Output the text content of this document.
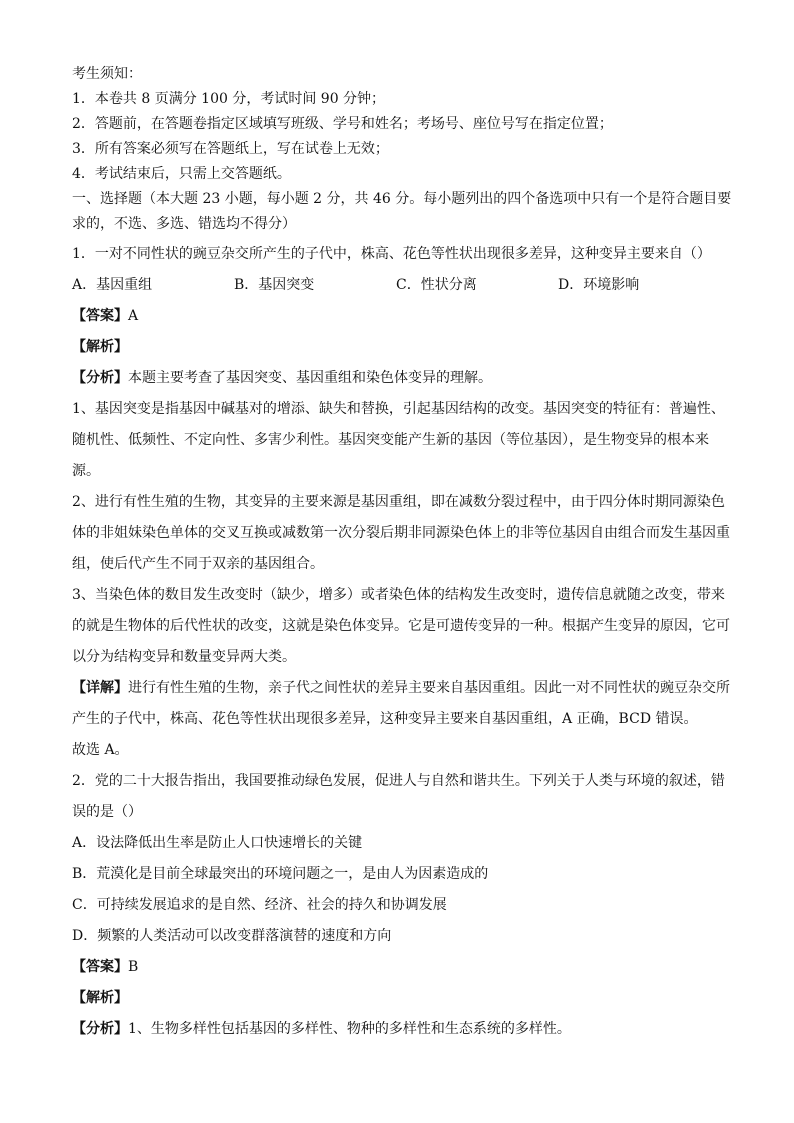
考生须知：
1．本卷共 8 页满分 100 分，考试时间 90 分钟；
2．答题前，在答题卷指定区域填写班级、学号和姓名；考场号、座位号写在指定位置；
3．所有答案必须写在答题纸上，写在试卷上无效；
4．考试结束后，只需上交答题纸。
一、选择题（本大题 23 小题，每小题 2 分，共 46 分。每小题列出的四个备选项中只有一个是符合题目要
求的，不选、多选、错选均不得分）
1．一对不同性状的豌豆杂交所产生的子代中，株高、花色等性状出现很多差异，这种变异主要来自（）
A．基因重组	B．基因突变	C．性状分离	D．环境影响
【答案】A
【解析】
【分析】本题主要考查了基因突变、基因重组和染色体变异的理解。

1、基因突变是指基因中碱基对的增添、缺失和替换，引起基因结构的改变。基因突变的特征有：普遍性、随机性、低频性、不定向性、多害少利性。基因突变能产生新的基因（等位基因），是生物变异的根本来源。

2、进行有性生殖的生物，其变异的主要来源是基因重组，即在减数分裂过程中，由于四分体时期同源染色体的非姐妹染色单体的交叉互换或减数第一次分裂后期非同源染色体上的非等位基因自由组合而发生基因重组，使后代产生不同于双亲的基因组合。

3、当染色体的数目发生改变时（缺少，增多）或者染色体的结构发生改变时，遗传信息就随之改变，带来的就是生物体的后代性状的改变，这就是染色体变异。它是可遗传变异的一种。根据产生变异的原因，它可以分为结构变异和数量变异两大类。

【详解】进行有性生殖的生物，亲子代之间性状的差异主要来自基因重组。因此一对不同性状的豌豆杂交所产生的子代中，株高、花色等性状出现很多差异，这种变异主要来自基因重组，A 正确，BCD 错误。
故选 A。
2．党的二十大报告指出，我国要推动绿色发展，促进人与自然和谐共生。下列关于人类与环境的叙述，错误的是（）
A．设法降低出生率是防止人口快速增长的关键
B．荒漠化是目前全球最突出的环境问题之一，是由人为因素造成的
C．可持续发展追求的是自然、经济、社会的持久和协调发展
D．频繁的人类活动可以改变群落演替的速度和方向
【答案】B
【解析】
【分析】1、生物多样性包括基因的多样性、物种的多样性和生态系统的多样性。
